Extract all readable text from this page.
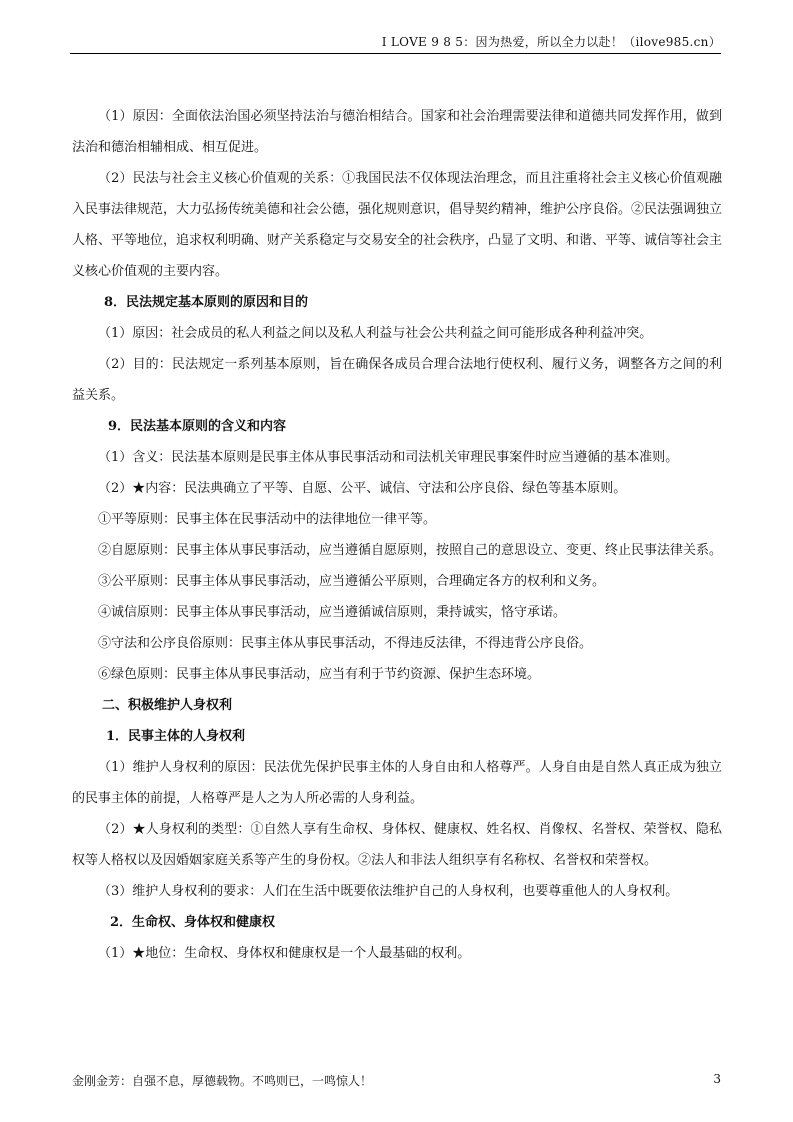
I LOVE 9 8 5：因为热爱，所以全力以赴！（ilove985.cn）

（1）原因：全面依法治国必须坚持法治与德治相结合。国家和社会治理需要法律和道德共同发挥作用，做到法治和德治相辅相成、相互促进。

（2）民法与社会主义核心价值观的关系：①我国民法不仅体现法治理念，而且注重将社会主义核心价值观融入民事法律规范，大力弘扬传统美德和社会公德，强化规则意识，倡导契约精神，维护公序良俗。②民法强调独立人格、平等地位，追求权利明确、财产关系稳定与交易安全的社会秩序，凸显了文明、和谐、平等、诚信等社会主义核心价值观的主要内容。

8．民法规定基本原则的原因和目的

（1）原因：社会成员的私人利益之间以及私人利益与社会公共利益之间可能形成各种利益冲突。

（2）目的：民法规定一系列基本原则，旨在确保各成员合理合法地行使权利、履行义务，调整各方之间的利益关系。

9．民法基本原则的含义和内容

（1）含义：民法基本原则是民事主体从事民事活动和司法机关审理民事案件时应当遵循的基本准则。

（2）★内容：民法典确立了平等、自愿、公平、诚信、守法和公序良俗、绿色等基本原则。

①平等原则：民事主体在民事活动中的法律地位一律平等。

②自愿原则：民事主体从事民事活动，应当遵循自愿原则，按照自己的意思设立、变更、终止民事法律关系。

③公平原则：民事主体从事民事活动，应当遵循公平原则，合理确定各方的权利和义务。

④诚信原则：民事主体从事民事活动，应当遵循诚信原则，秉持诚实，恪守承诺。

⑤守法和公序良俗原则：民事主体从事民事活动，不得违反法律，不得违背公序良俗。

⑥绿色原则：民事主体从事民事活动，应当有利于节约资源、保护生态环境。

二、积极维护人身权利

1．民事主体的人身权利

（1）维护人身权利的原因：民法优先保护民事主体的人身自由和人格尊严。人身自由是自然人真正成为独立的民事主体的前提，人格尊严是人之为人所必需的人身利益。

（2）★人身权利的类型：①自然人享有生命权、身体权、健康权、姓名权、肖像权、名誉权、荣誉权、隐私权等人格权以及因婚姻家庭关系等产生的身份权。②法人和非法人组织享有名称权、名誉权和荣誉权。

（3）维护人身权利的要求：人们在生活中既要依法维护自己的人身权利，也要尊重他人的人身权利。

2．生命权、身体权和健康权

（1）★地位：生命权、身体权和健康权是一个人最基础的权利。

金刚金芳：自强不息，厚德载物。不鸣则已，一鸣惊人！	3
